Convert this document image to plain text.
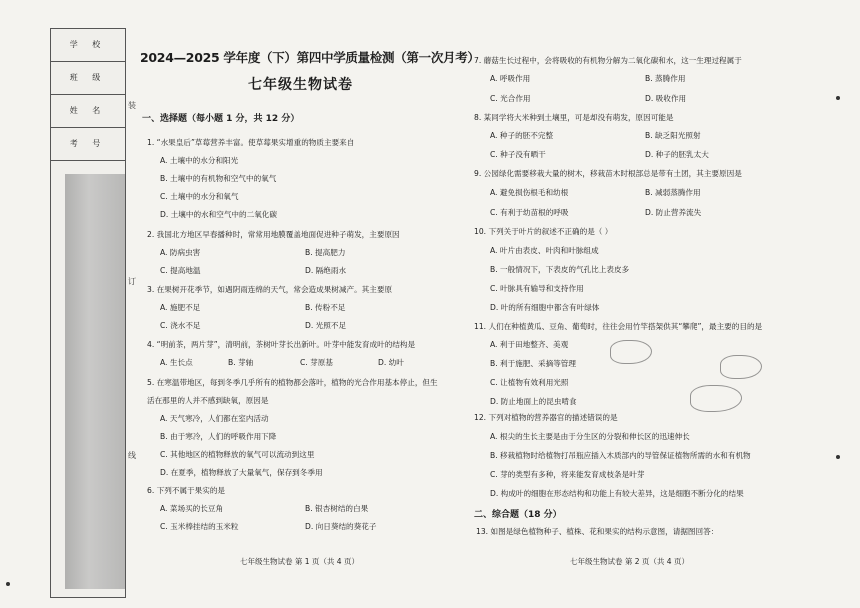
学 校
班 级
姓 名
考 号
装
订
线
2024—2025 学年度（下）第四中学质量检测（第一次月考）
七年级生物试卷
一、选择题（每小题 1 分，共 12 分）
1. “水果皇后”草莓营养丰富。使草莓果实增重的物质主要来自
A. 土壤中的水分和阳光
B. 土壤中的有机物和空气中的氧气
C. 土壤中的水分和氧气
D. 土壤中的水和空气中的二氧化碳
2. 我国北方地区早春播种时，常常用地膜覆盖地面促进种子萌发，主要原因
A. 防病虫害	B. 提高肥力
C. 提高地温	D. 隔绝雨水
3. 在果树开花季节，如遇阴雨连绵的天气，常会造成果树减产。其主要原
A. 施肥不足	B. 传粉不足
C. 浇水不足	D. 光照不足
4. “明前茶，两片芽”，清明前，茶树叶芽长出新叶。叶芽中能发育成叶的结构是
A. 生长点	B. 芽轴	C. 芽原基	D. 幼叶
5. 在寒温带地区，每到冬季几乎所有的植物都会落叶，植物的光合作用基本停止，但生
活在那里的人并不感到缺氧，原因是
A. 天气寒冷，人们都在室内活动
B. 由于寒冷，人们的呼吸作用下降
C. 其他地区的植物释放的氧气可以流动到这里
D. 在夏季，植物释放了大量氧气，保存到冬季用
6. 下列不属于果实的是
A. 菜场买的长豆角	B. 银杏树结的白果
C. 玉米棒挂结的玉米粒	D. 向日葵结的葵花子
七年级生物试卷 第 1 页（共 4 页）
7. 蘑菇生长过程中，会将吸收的有机物分解为二氧化碳和水，这一生理过程属于
A. 呼吸作用	B. 蒸腾作用
C. 光合作用	D. 吸收作用
8. 某同学将大米种到土壤里，可是却没有萌发，原因可能是
A. 种子的胚不完整	B. 缺乏阳光照射
C. 种子没有晒干	D. 种子的胚乳太大
9. 公园绿化需要移栽大量的树木，移栽苗木时根部总是带有土团，其主要原因是
A. 避免损伤根毛和幼根	B. 减弱蒸腾作用
C. 有利于幼苗根的呼吸	D. 防止营养流失
10. 下列关于叶片的叙述不正确的是（ ）
A. 叶片由表皮、叶肉和叶脉组成
B. 一般情况下，下表皮的气孔比上表皮多
C. 叶脉具有输导和支持作用
D. 叶的所有细胞中都含有叶绿体
11. 人们在种植黄瓜、豆角、葡萄时，往往会用竹竿搭架供其“攀爬”，最主要的目的是
A. 利于田地整齐、美观
B. 利于施肥、采摘等管理
C. 让植物有效利用光照
D. 防止地面上的昆虫啃食
12. 下列对植物的营养器官的描述错误的是
A. 根尖的生长主要是由于分生区的分裂和伸长区的迅速伸长
B. 移栽植物时给植物打吊瓶应插入木质部内的导管保证植物所需的水和有机物
C. 芽的类型有多种，将来能发育成枝条是叶芽
D. 构成叶的细胞在形态结构和功能上有较大差异，这是细胞不断分化的结果
二、综合题（18 分）
13. 如图是绿色植物种子、植株、花和果实的结构示意图，请据图回答：
七年级生物试卷 第 2 页（共 4 页）
